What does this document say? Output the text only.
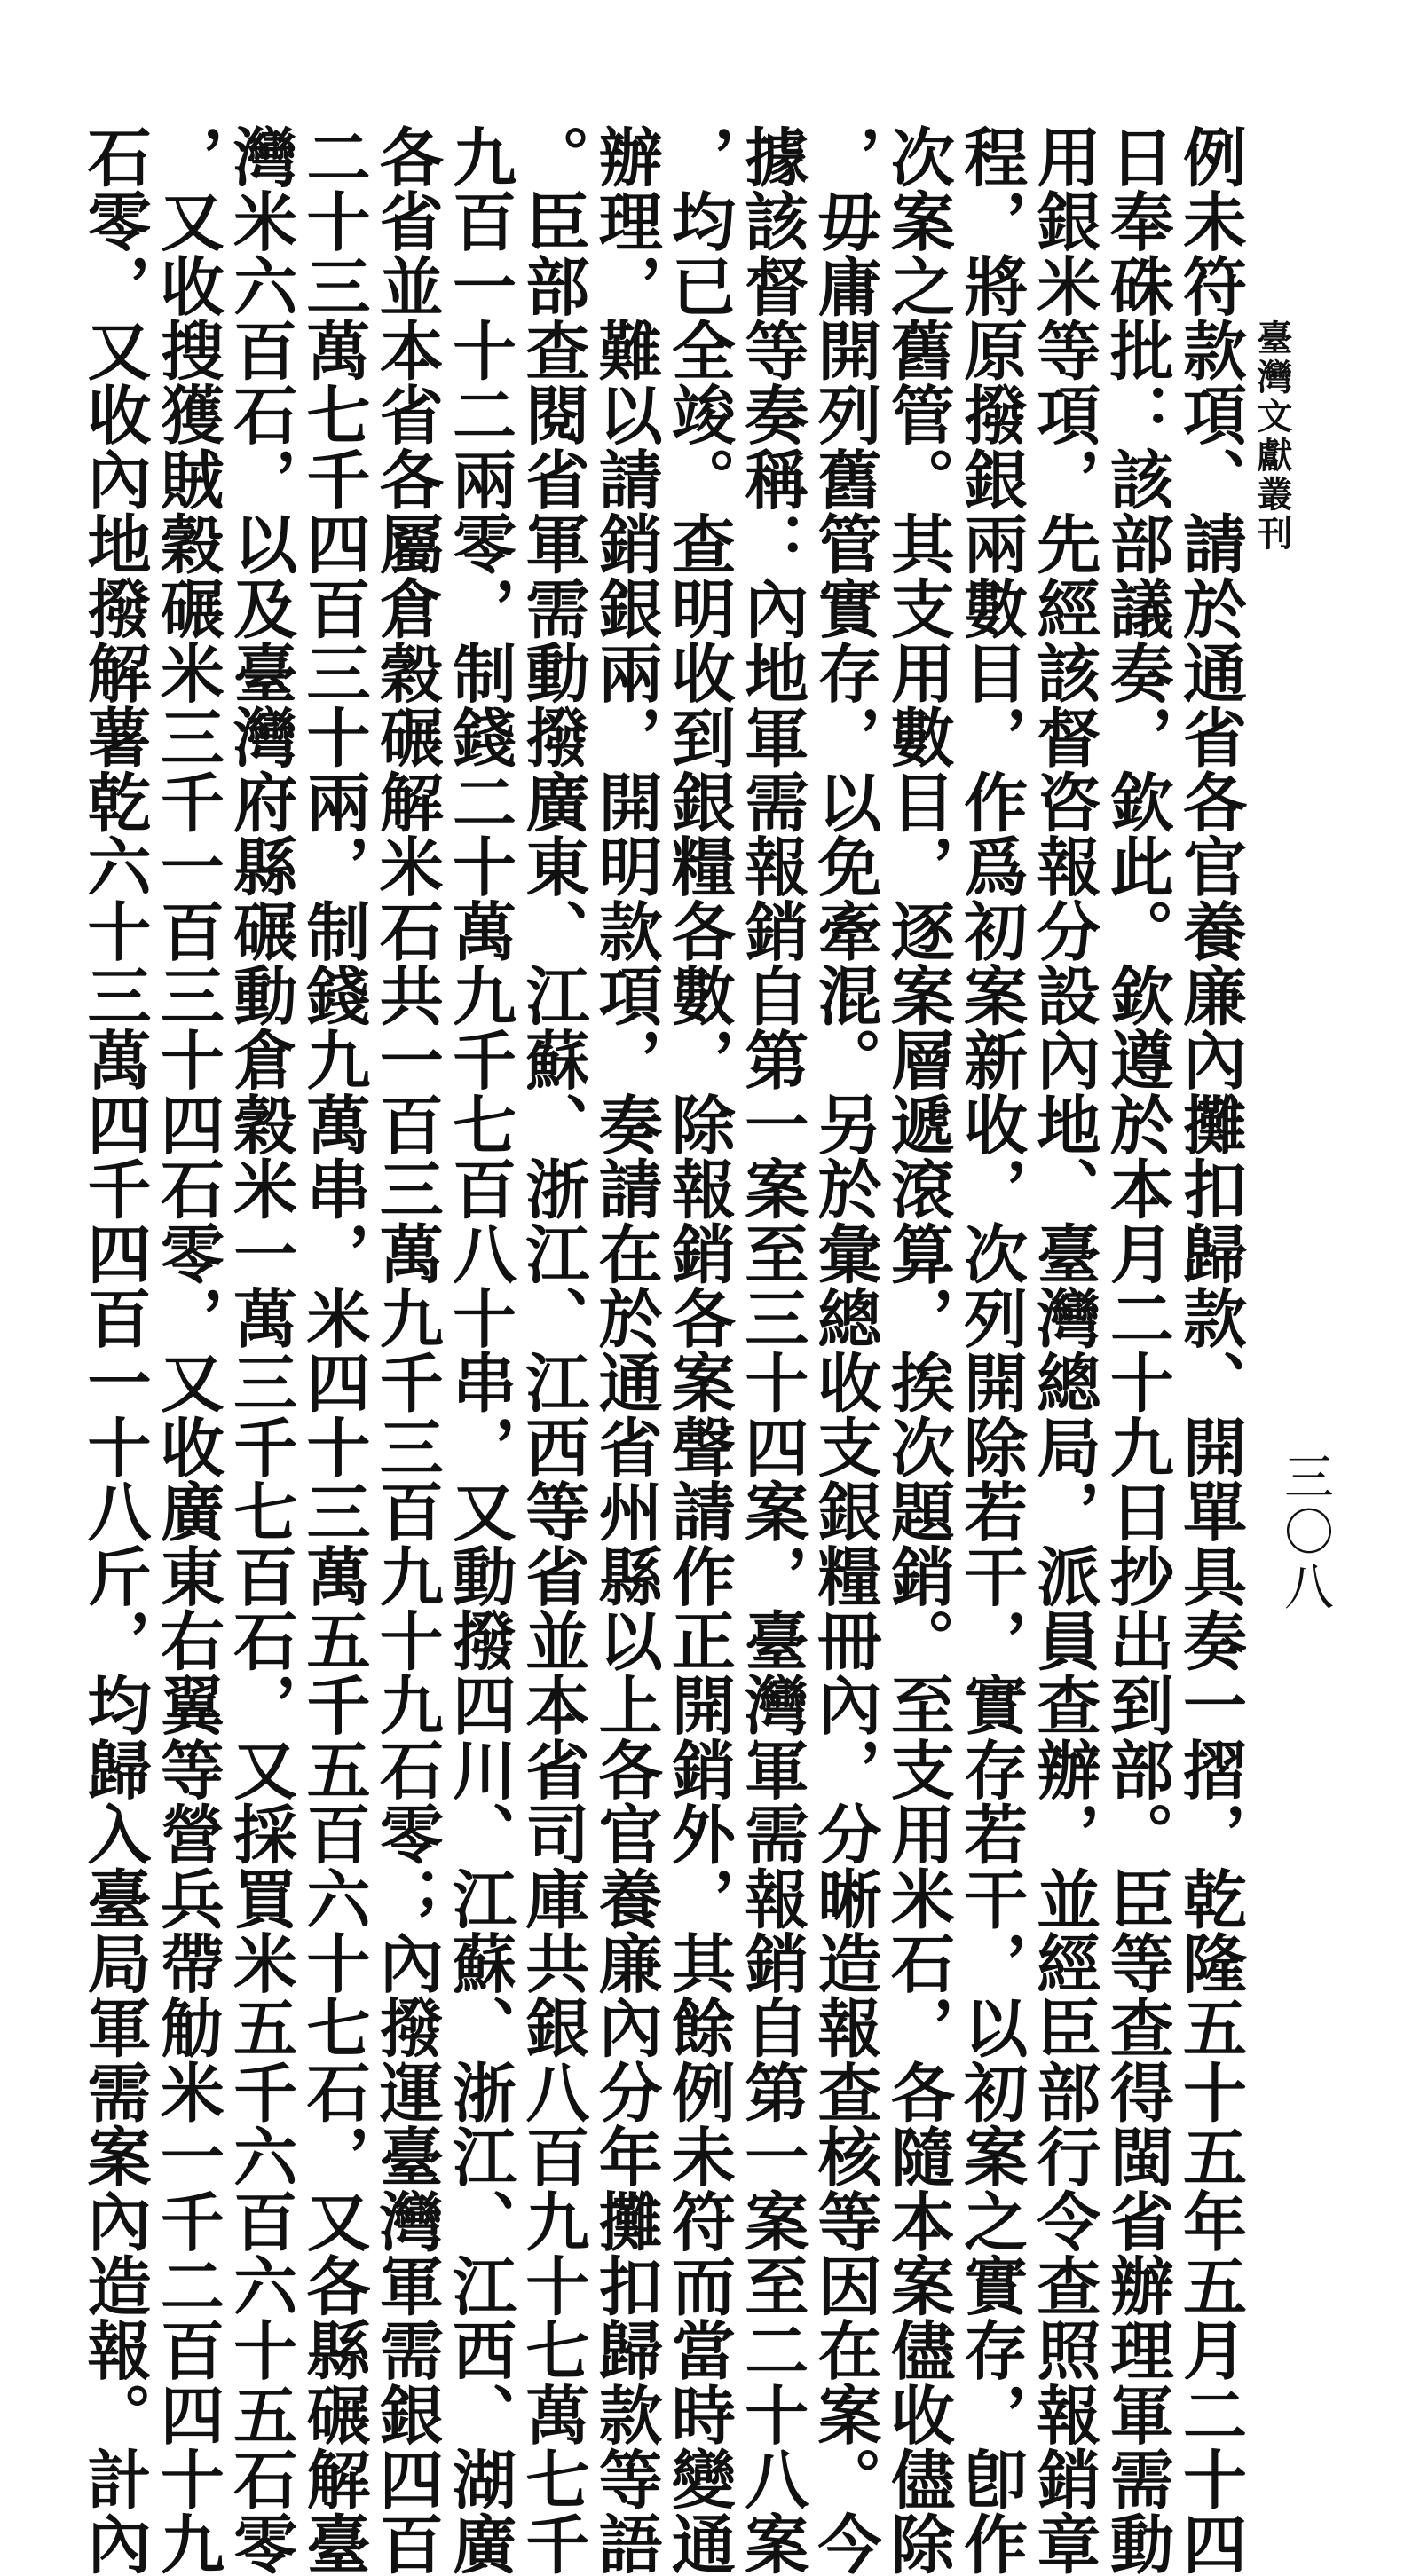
臺灣文獻叢刊
三〇八
例未符款項、請於通省各官養廉內攤扣歸款、開單具奏一摺，乾隆五十五年五月二十四
日奉硃批：該部議奏，欽此。欽遵於本月二十九日抄出到部。臣等查得閩省辦理軍需動
用銀米等項，先經該督咨報分設內地、臺灣總局，派員查辦，並經臣部行令查照報銷章
程，將原撥銀兩數目，作爲初案新收，次列開除若干，實存若干，以初案之實存，卽作
次案之舊管。其支用數目，逐案層遞滾算，挨次題銷。至支用米石，各隨本案儘收儘除
，毋庸開列舊管實存，以免牽混。另於彙總收支銀糧冊內，分晰造報查核等因在案。今
據該督等奏稱：內地軍需報銷自第一案至三十四案，臺灣軍需報銷自第一案至二十八案
，均已全竣。查明收到銀糧各數，除報銷各案聲請作正開銷外，其餘例未符而當時變通
辦理，難以請銷銀兩，開明款項，奏請在於通省州縣以上各官養廉內分年攤扣歸款等語
。臣部查閱省軍需動撥廣東、江蘇、浙江、江西等省並本省司庫共銀八百九十七萬七千
九百一十二兩零，制錢二十萬九千七百八十串，又動撥四川、江蘇、浙江、江西、湖廣
各省並本省各屬倉穀碾解米石共一百三萬九千三百九十九石零；內撥運臺灣軍需銀四百
二十三萬七千四百三十兩，制錢九萬串，米四十三萬五千五百六十七石，又各縣碾解臺
灣米六百石，以及臺灣府縣碾動倉穀米一萬三千七百石，又採買米五千六百六十五石零
，又收搜獲賊穀碾米三千一百三十四石零，又收廣東右翼等營兵帶觔米一千二百四十九
石零，又收內地撥解薯乾六十三萬四千四百一十八斤，均歸入臺局軍需案內造報。計內
